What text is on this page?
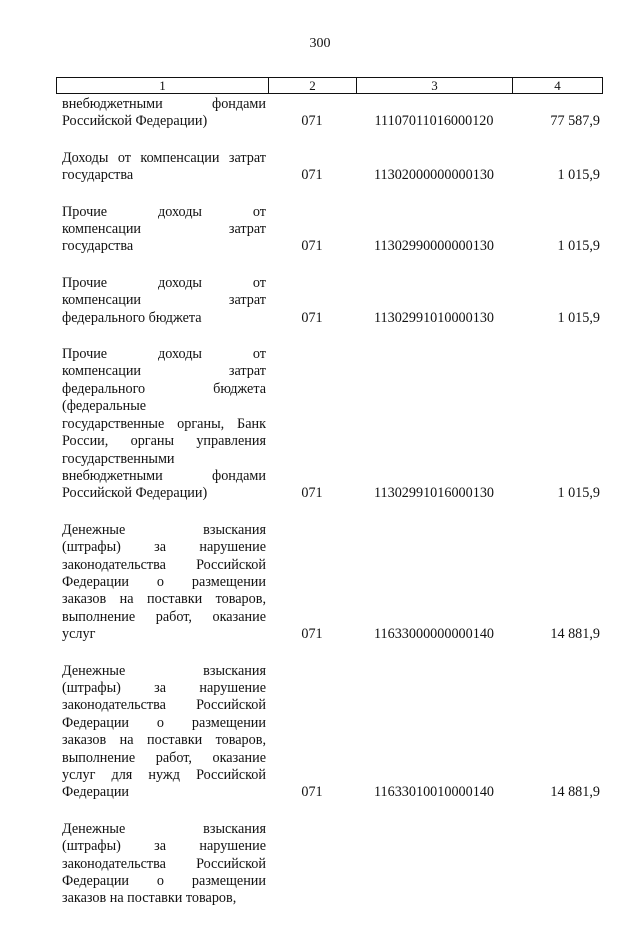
300
1	2	3	4
внебюджетными фондами
Российской Федерации)	071	11107011016000120	77 587,9
Доходы от компенсации затрат
государства	071	11302000000000130	1 015,9
Прочие доходы от
компенсации затрат
государства	071	11302990000000130	1 015,9
Прочие доходы от
компенсации затрат
федерального бюджета	071	11302991010000130	1 015,9
Прочие доходы от
компенсации затрат
федерального бюджета
(федеральные
государственные органы, Банк
России, органы управления
государственными
внебюджетными фондами
Российской Федерации)	071	11302991016000130	1 015,9
Денежные взыскания
(штрафы) за нарушение
законодательства Российской
Федерации о размещении
заказов на поставки товаров,
выполнение работ, оказание
услуг	071	11633000000000140	14 881,9
Денежные взыскания
(штрафы) за нарушение
законодательства Российской
Федерации о размещении
заказов на поставки товаров,
выполнение работ, оказание
услуг для нужд Российской
Федерации	071	11633010010000140	14 881,9
Денежные взыскания
(штрафы) за нарушение
законодательства Российской
Федерации о размещении
заказов на поставки товаров,
